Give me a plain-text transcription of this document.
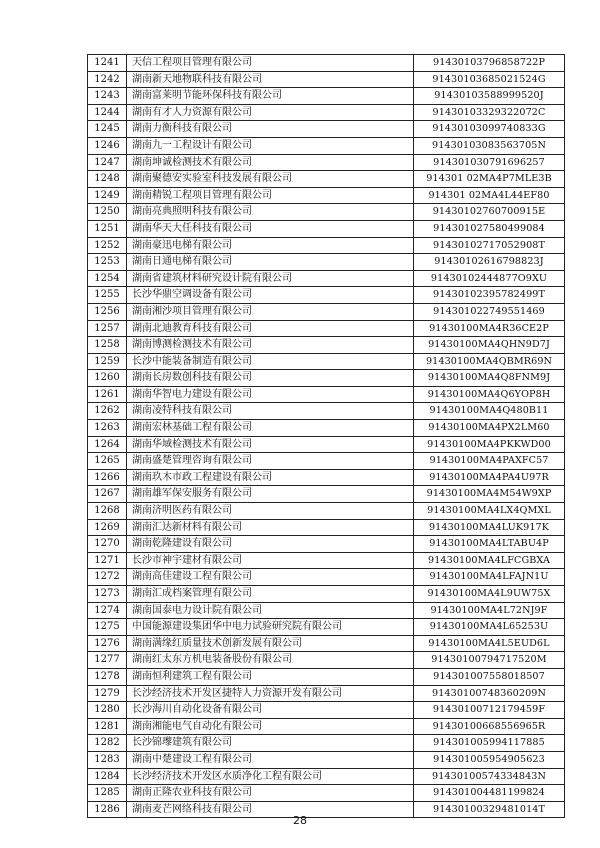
1241	天信工程项目管理有限公司	91430103796858722P
1242	湖南新天地物联科技有限公司	91430103685021524G
1243	湖南富莱明节能环保科技有限公司	91430103588999520J
1244	湖南有才人力资源有限公司	91430103329322072C
1245	湖南力衡科技有限公司	91430103099740833G
1246	湖南九一工程设计有限公司	91430103083563705N
1247	湖南坤诚检测技术有限公司	91430103079169625​7
1248	湖南聚德安实验室科技发展有限公司	914301 02MA4P7MLE3B
1249	湖南精锐工程项目管理有限公司	914301 02MA4L44EF80
1250	湖南亮典照明科技有限公司	91430102760700915E
1251	湖南华天大任科技有限公司	91430102758049908​4
1252	湖南豪迅电梯有限公司	91430102717052908T
1253	湖南日通电梯有限公司	91430102616798823J
1254	湖南省建筑材料研究设计院有限公司	91430102444877O9XU
1255	长沙华鼎空调设备有限公司	91430102395782499T
1256	湖南湘沙项目管理有限公司	91430102274955146​9
1257	湖南北迪教育科技有限公司	91430100MA4R36CE2P
1258	湖南博测检测技术有限公司	91430100MA4QHN9D7J
1259	长沙中能装备制造有限公司	91430100MA4QBMR69N
1260	湖南长房数创科技有限公司	91430100MA4Q8FNM9J
1261	湖南华智电力建设有限公司	91430100MA4Q6YOP8H
1262	湖南凌特科技有限公司	91430100MA4Q480B11
1263	湖南宏林基础工程有限公司	91430100MA4PX2LM60
1264	湖南华域检测技术有限公司	91430100MA4PKKWD00
1265	湖南盛楚管理咨询有限公司	91430100MA4PAXFC57
1266	湖南玖木市政工程建设有限公司	91430100MA4PA4U97R
1267	湖南雄军保安服务有限公司	91430100MA4M54W9XP
1268	湖南济明医药有限公司	91430100MA4LX4QMXL
1269	湖南汇达新材料有限公司	91430100MA4LUK917K
1270	湖南乾隆建设有限公司	91430100MA4LTABU4P
1271	长沙市神宇建材有限公司	91430100MA4LFCGBXA
1272	湖南高佳建设工程有限公司	91430100MA4LFAJN1U
1273	湖南汇成档案管理有限公司	91430100MA4L9UW75X
1274	湖南国泰电力设计院有限公司	91430100MA4L72NJ9F
1275	中国能源建设集团华中电力试验研究院有限公司	91430100MA4L65253U
1276	湖南满缘红质量技术创新发展有限公司	91430100MA4L5EUD6L
1277	湖南红太东方机电装备股份有限公司	91430100794717520M
1278	湖南恒利建筑工程有限公司	914301007558018507
1279	长沙经济技术开发区捷特人力资源开发有限公司	91430100748360209N
1280	长沙海川自动化设备有限公司	91430100712179459F
1281	湖南湘能电气自动化有限公司	91430100668556965R
1282	长沙锦瓈建筑有限公司	91430100599411788​5
1283	湖南中楚建设工程有限公司	914301005954905623
1284	长沙经济技术开发区水质净化工程有限公司	91430100574334843N
1285	湖南正隆农业科技有限公司	914301004481199824
1286	湖南麦芒网络科技有限公司	91430100329481014T
28
